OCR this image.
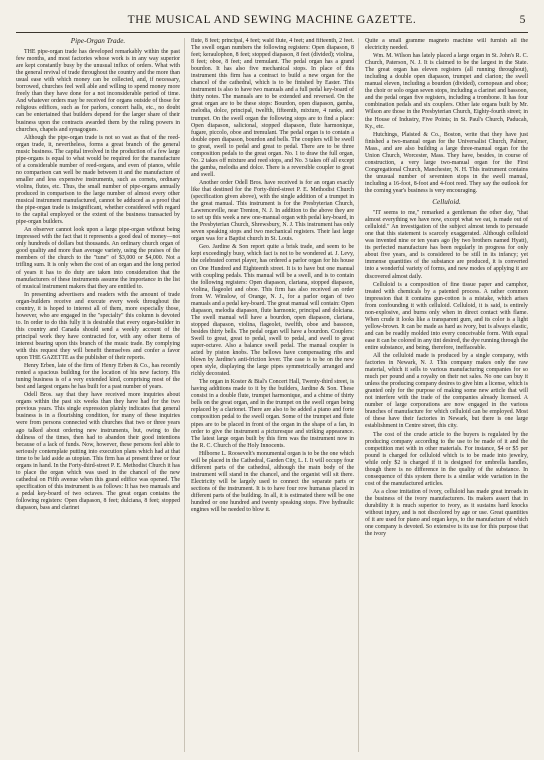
THE MUSICAL AND SEWING MACHINE GAZETTE.	5
Pipe-Organ Trade.

THE pipe-organ trade has developed remarkably within the past few months, and most factories whose work is in any way superior are kept constantly busy by the unusual influx of orders. What with the general revival of trade throughout the country and the more than usual ease with which money can be collected, and, if necessary, borrowed, churches feel well able and willing to spend money more freely than they have done for a not inconsiderable period of time. And whatever orders may be received for organs outside of those for religious edifices, such as for parlors, concert halls, etc., no doubt can be entertained that builders depend for the larger share of their business upon the contracts awarded them by the ruling powers in churches, chapels and synagogues.

Although the pipe-organ trade is not so vast as that of the reed-organ trade, it, nevertheless, forms a great branch of the general music business. The capital involved in the production of a few large pipe-organs is equal to what would be required for the manufacture of a considerable number of reed-organs, and even of pianos, while no comparison can well be made between it and the manufacture of smaller and less expensive instruments, such as cornets, ordinary violins, flutes, etc. Thus, the small number of pipe-organs annually produced in comparison to the large number of almost every other musical instrument manufactured, cannot be adduced as a proof that the pipe-organ trade is insignificant, whether considered with regard to the capital employed or the extent of the business transacted by pipe-organ builders.

An observer cannot look upon a large pipe-organ without being impressed with the fact that it represents a good deal of money—not only hundreds of dollars but thousands. An ordinary church organ of good quality and more than average variety, using the praises of the members of the church to the "tune" of $3,000 or $4,000. Not a trifling sum. It is only when the cost of an organ and the long period of years it has to do duty are taken into consideration that the manufacturers of these instruments assume the importance in the list of musical instrument makers that they are entitled to.

In presenting advertisers and readers with the amount of trade organ-builders receive and execute every week throughout the country, it is hoped to interest all of them, more especially those, however, who are engaged in the "specialty" this column is devoted to. In order to do this fully it is desirable that every organ-builder in this country and Canada should send a weekly account of the principal work they have contracted for, with any other items of interest bearing upon this branch of the music trade. By complying with this request they will benefit themselves and confer a favor upon THE GAZETTE as the publisher of their reports.

Henry Erben, late of the firm of Henry Erben & Co., has recently rented a spacious building for the location of his new factory. His tuning business is of a very extended kind, comprising most of the best and largest organs he has built for a past number of years.

Odell Bros. say that they have received more inquiries about organs within the past six weeks than they have had for the two previous years. This single expression plainly indicates that general business is in a flourishing condition, for many of these inquiries were from persons connected with churches that two or three years ago talked about ordering new instruments, but, owing to the dullness of the times, then had to abandon their good intentions because of a lack of funds. Now, however, these persons feel able to seriously contemplate putting into execution plans which had at that time to be laid aside as utopian. This firm has at present three or four organs in hand. In the Forty-third-street P. E. Methodist Church it has to place the organ which was used in the chancel of the new cathedral on Fifth avenue when this grand edifice was opened. The specification of this instrument is as follows: It has two manuals and a pedal key-board of two octaves. The great organ contains the following registers: Open diapason, 8 feet; dulciana, 8 feet; stopped diapason, bass and clarinet

flute, 8 feet; principal, 4 feet; wald flute, 4 feet; and fifteenth, 2 feet. The swell organ numbers the following registers: Open diapason, 8 feet; keraulophon, 8 feet; stopped diapason, 8 feet (divided); violina, 8 feet; oboe, 8 feet; and tremulant. The pedal organ has a grand bourdon. It has also five mechanical stops. In place of this instrument this firm has a contract to build a new organ for the chancel of the cathedral, which is to be finished by Easter. This instrument is also to have two manuals and a full pedal key-board of thirty notes. The manuals are to be extended and reversed. On the great organ are to be these stops: Bourdon, open diapason, gamba, melodia, dolce, principal, twelfth, fifteenth, mixture, 4 ranks, and trumpet. On the swell organ the following stops are to find a place: Open diapason, salicional, stopped diapason, flute harmonique, fugare, piccolo, oboe and tremulant. The pedal organ is to contain a double open diapason, bourdon and bells. The couplers will be swell to great, swell to pedal and great to pedal. There are to be three composition pedals to the great organ. No. 1 to draw the full organ, No. 2 takes off mixture and reed stops, and No. 3 takes off all except the gamba, melodia and dolce. There is a reversible coupler to great and swell.

Another order Odell Bros. have received is for an organ exactly like that destined for the Forty-third-street P. E. Methodist Church (specification given above), with the single addition of a trumpet in the great manual. This instrument is for the Presbyterian Church, Lawrenceville, near Trenton, N. J. In addition to the above they are to set up this week a new one-manual organ with pedal key-board, in the Presbyterian Church, Shrewsbury, N. J. This instrument has only seven speaking stops and two mechanical registers. Their last large organ was for a Baptist church in St. Louis.

Geo. Jardine & Son report quite a brisk trade, and seem to be kept exceedingly busy, which fact is not to be wondered at. J. Levy, the celebrated cornet player, has ordered a parlor organ for his house on One Hundred and Eighteenth street. It is to have but one manual with coupling pedals. This manual will be a swell, and is to contain the following registers: Open diapason, clariana, stopped diapason, violina, flageolet and oboe. This firm has also received an order from W. Winslow, of Orange, N. J., for a parlor organ of two manuals and a pedal key-board. The great manual will contain: Open diapason, melodia diapason, flute harmonic, principal and dolciana. The swell manual will have a bourdon, open diapason, clariana, stopped diapason, violina, flageolet, twelfth, oboe and bassoon, besides thirty bells. The pedal organ will have a bourdon. Couplers: Swell to great, great to pedal, swell to pedal, and swell to great super-octave. Also a balance swell pedal. The manual coupler is acted by piston knobs. The bellows have compensating ribs and blown by Jardine's anti-friction lever. The case is to be on the new open style, displaying the large pipes symmetrically arranged and richly decorated.

The organ in Koster & Bial's Concert Hall, Twenty-third street, is having additions made to it by the builders, Jardine & Son. These consist in a double flute, trumpet harmonique, and a chime of thirty bells on the great organ, and in the trumpet on the swell organ being replaced by a clarionet. There are also to be added a piano and forte composition pedal to the swell organ. Some of the trumpet and flute pipes are to be placed in front of the organ in the shape of a fan, in order to give the instrument a picturesque and striking appearance. The latest large organ built by this firm was the instrument now in the R. C. Church of the Holy Innocents.

Hilborne L. Roosevelt's monumental organ is to be the one which will be placed in the Cathedral, Garden City, L. I. It will occupy four different parts of the cathedral, although the main body of the instrument will stand in the chancel, and the organist will sit there. Electricity will be largely used to connect the separate parts or sections of the instrument. It is to have four row humanas placed in different parts of the building. In all, it is estimated there will be one hundred or one hundred and twenty speaking stops. Five hydraulic engines will be needed to blow it.

Quite a small gramme magneto machine will furnish all the electricity needed.

Wm. M. Wilson has lately placed a large organ in St. John's R. C. Church, Paterson, N. J. It is claimed to be the largest in the State. The great organ has eleven registers (all running throughout), including a double open diapason, trumpet and clarion; the swell manual eleven, including a bourdon (divided), cornopean and oboe; the choir or solo organ seven stops, including a clarinet and bassoon, and the pedal organ five registers, including a trombone. It has four combination pedals and six couplers. Other late organs built by Mr. Wilson are those in the Presbyterian Church, Eighty-fourth street; in the House of Industry, Five Points; in St. Paul's Church, Paducah, Ky., etc.

Hutchings, Plaisted & Co., Boston, write that they have just finished a two-manual organ for the Universalist Church, Palmer, Mass., and are also building a large three-manual organ for the Union Church, Worcester, Mass. They have, besides, in course of construction, a very large two-manual organ for the First Congregational Church, Manchester, N. H. This instrument contains the unusual number of seventeen stops in the swell manual, including a 16-foot, 8-foot and 4-foot reed. They say the outlook for the coming year's business is very encouraging.

Celluloid.

"IT seems to me," remarked a gentleman the other day, "that almost everything we have now, except what we eat, is made out of celluloid." An investigation of the subject almost tends to persuade one that this statement is scarcely exaggerated. Although celluloid was invented nine or ten years ago (by two brothers named Hyatt), its perfected manufacture has been regularly in progress for only about five years, and is considered to be still in its infancy; yet immense quantities of the substance are produced, it is converted into a wonderful variety of forms, and new modes of applying it are discovered almost daily.

Celluloid is a composition of fine tissue paper and camphor, treated with chemicals by a patented process. A rather common impression that it contains gun-cotton is a mistake, which arises from confounding it with celluloid. Celluloid, it is said, is entirely non-explosive, and burns only when in direct contact with flame. When crude it looks like a transparent gum, and its color is a light yellow-brown. It can be made as hard as ivory, but is always elastic, and can be readily molded into every conceivable form. With equal ease it can be colored in any tint desired, the dye running through the entire substance, and being, therefore, ineffaceable.

All the celluloid made is produced by a single company, with factories in Newark, N. J. This company makes only the raw material, which it sells to various manufacturing companies for so much per pound and a royalty on their net sales. No one can buy it unless the producing company desires to give him a license, which is granted only for the purpose of making some new article that will not interfere with the trade of the companies already licensed. A number of large corporations are now engaged in the various branches of manufacture for which celluloid can be employed. Most of these have their factories in Newark, but there is one large establishment in Centre street, this city.

The cost of the crude article to the buyers is regulated by the producing company according to the use to be made of it and the competition met with in other materials. For instance, $4 or $5 per pound is charged for celluloid which is to be made into jewelry, while only $2 is charged if it is designed for umbrella handles, though there is no difference in the quality of the substance. In consequence of this system there is a similar wide variation in the cost of the manufactured articles.

As a close imitation of ivory, celluloid has made great inroads in the business of the ivory manufacturers. Its makers assert that in durability it is much superior to ivory, as it sustains hard knocks without injury, and is not discolored by age or use. Great quantities of it are used for piano and organ keys, to the manufacture of which one company is devoted. So extensive is its use for this purpose that the ivory
